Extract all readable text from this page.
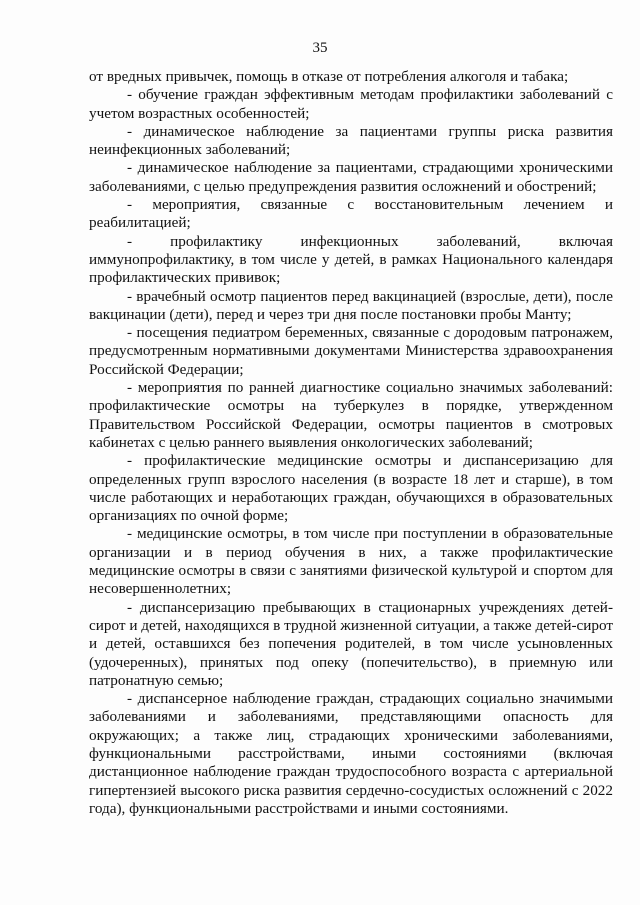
35

от вредных привычек, помощь в отказе от потребления алкоголя и табака;

- обучение граждан эффективным методам профилактики заболеваний с учетом возрастных особенностей;

- динамическое наблюдение за пациентами группы риска развития неинфекционных заболеваний;

- динамическое наблюдение за пациентами, страдающими хроническими заболеваниями, с целью предупреждения развития осложнений и обострений;

- мероприятия, связанные с восстановительным лечением и реабилитацией;

- профилактику инфекционных заболеваний, включая иммунопрофилактику, в том числе у детей, в рамках Национального календаря профилактических прививок;

- врачебный осмотр пациентов перед вакцинацией (взрослые, дети), после вакцинации (дети), перед и через три дня после постановки пробы Манту;

- посещения педиатром беременных, связанные с дородовым патронажем, предусмотренным нормативными документами Министерства здравоохранения Российской Федерации;

- мероприятия по ранней диагностике социально значимых заболеваний: профилактические осмотры на туберкулез в порядке, утвержденном Правительством Российской Федерации, осмотры пациентов в смотровых кабинетах с целью раннего выявления онкологических заболеваний;

- профилактические медицинские осмотры и диспансеризацию для определенных групп взрослого населения (в возрасте 18 лет и старше), в том числе работающих и неработающих граждан, обучающихся в образовательных организациях по очной форме;

- медицинские осмотры, в том числе при поступлении в образовательные организации и в период обучения в них, а также профилактические медицинские осмотры в связи с занятиями физической культурой и спортом для несовершеннолетних;

- диспансеризацию пребывающих в стационарных учреждениях детей-сирот и детей, находящихся в трудной жизненной ситуации, а также детей-сирот и детей, оставшихся без попечения родителей, в том числе усыновленных (удочеренных), принятых под опеку (попечительство), в приемную или патронатную семью;

- диспансерное наблюдение граждан, страдающих социально значимыми заболеваниями и заболеваниями, представляющими опасность для окружающих; а также лиц, страдающих хроническими заболеваниями, функциональными расстройствами, иными состояниями (включая дистанционное наблюдение граждан трудоспособного возраста с артериальной гипертензией высокого риска развития сердечно-сосудистых осложнений с 2022 года), функциональными расстройствами и иными состояниями.
